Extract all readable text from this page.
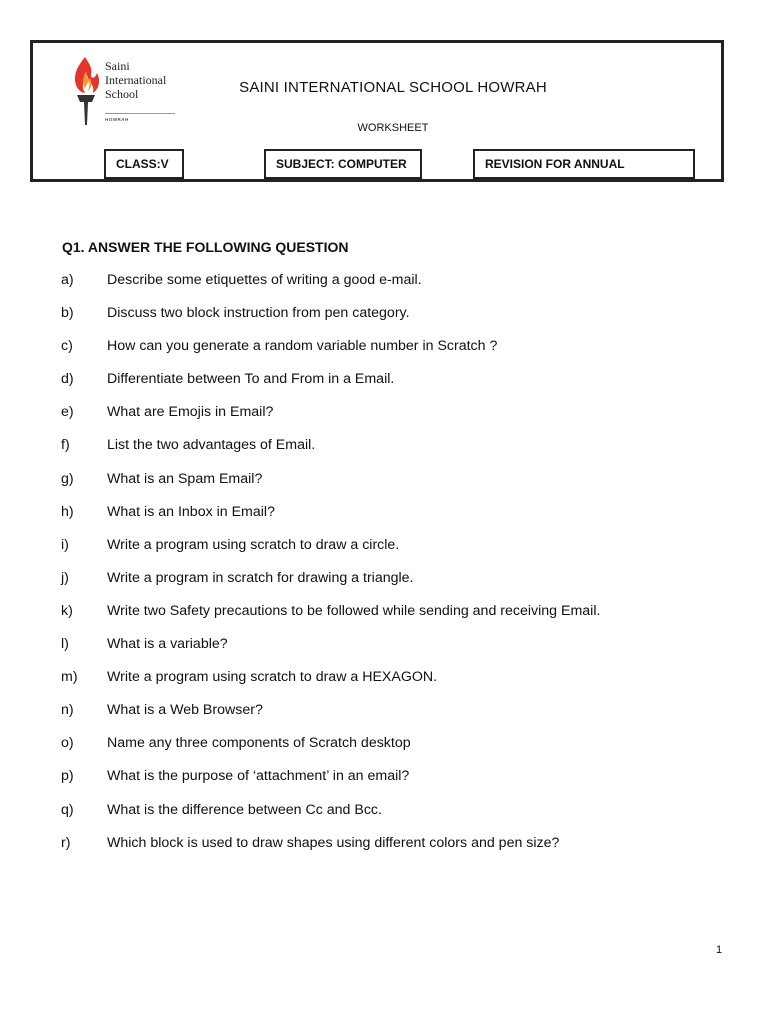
Saini
International
School
HOWRAH
SAINI INTERNATIONAL SCHOOL HOWRAH
WORKSHEET
CLASS:V	SUBJECT: COMPUTER	REVISION FOR ANNUAL
Q1. ANSWER THE FOLLOWING QUESTION
a) Describe some etiquettes of writing a good e-mail.
b) Discuss two block instruction from pen category.
c) How can you generate a random variable number in Scratch ?
d) Differentiate between To and From in a Email.
e) What are Emojis in Email?
f)	List the two advantages of Email.
g) What is an Spam Email?
h) What is an Inbox in Email?
i)	Write a program using scratch to draw a circle.
j)	Write a program in scratch for drawing a triangle.
k) Write two Safety precautions to be followed while sending and receiving Email.
l)	What is a variable?
m) Write a program using scratch to draw a HEXAGON.
n) What is a Web Browser?
o) Name any three components of Scratch desktop
p) What is the purpose of ‘attachment’ in an email?
q) What is the difference between Cc and Bcc.
r)	Which block is used to draw shapes using different colors and pen size?
1
